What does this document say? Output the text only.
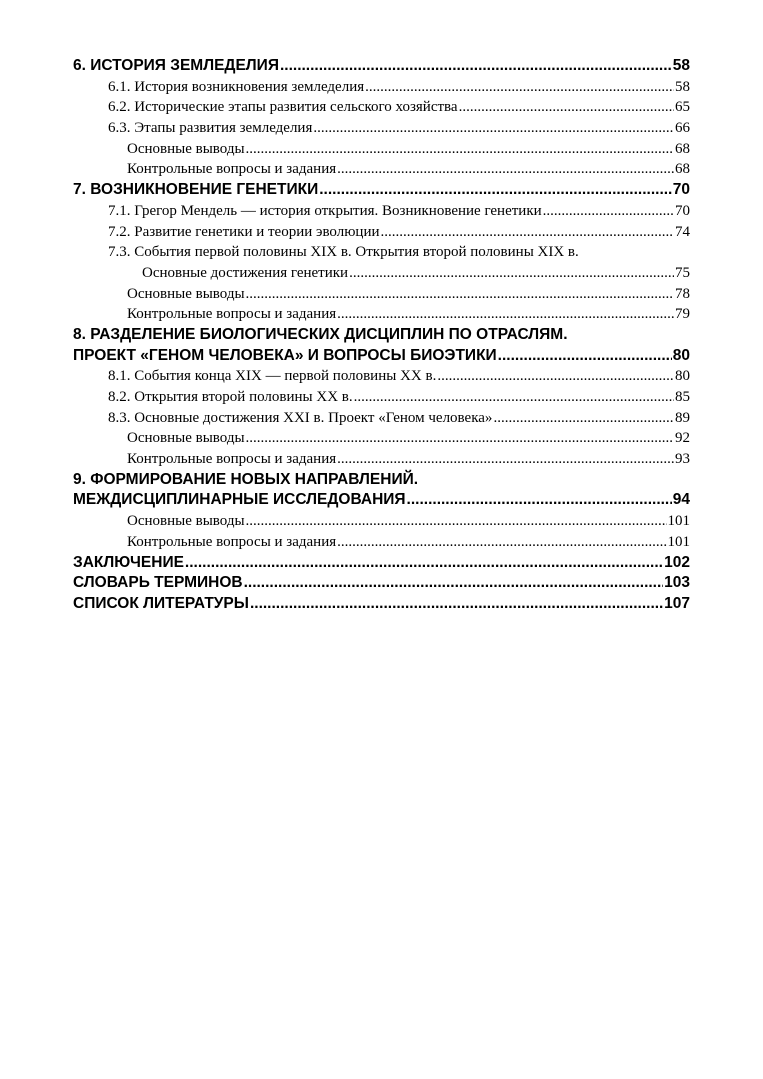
6. ИСТОРИЯ ЗЕМЛЕДЕЛИЯ .....	58
6.1. История возникновения земледелия .....	58
6.2. Исторические этапы развития сельского хозяйства .....	65
6.3. Этапы развития земледелия .....	66
Основные выводы .....	68
Контрольные вопросы и задания .....	68
7. ВОЗНИКНОВЕНИЕ ГЕНЕТИКИ .....	70
7.1. Грегор Мендель — история открытия. Возникновение генетики .....	70
7.2. Развитие генетики и теории эволюции .....	74
7.3. События первой половины XIX в. Открытия второй половины XIX в.
Основные достижения генетики .....	75
Основные выводы .....	78
Контрольные вопросы и задания .....	79
8. РАЗДЕЛЕНИЕ БИОЛОГИЧЕСКИХ ДИСЦИПЛИН ПО ОТРАСЛЯМ.
ПРОЕКТ «ГЕНОМ ЧЕЛОВЕКА» И ВОПРОСЫ БИОЭТИКИ .....	80
8.1. События конца XIX — первой половины XX в. .....	80
8.2. Открытия второй половины XX в. .....	85
8.3. Основные достижения XXI в. Проект «Геном человека» .....	89
Основные выводы .....	92
Контрольные вопросы и задания .....	93
9. ФОРМИРОВАНИЕ НОВЫХ НАПРАВЛЕНИЙ.
МЕЖДИСЦИПЛИНАРНЫЕ ИССЛЕДОВАНИЯ .....	94
Основные выводы .....	101
Контрольные вопросы и задания .....	101
ЗАКЛЮЧЕНИЕ .....	102
СЛОВАРЬ ТЕРМИНОВ .....	103
СПИСОК ЛИТЕРАТУРЫ .....	107
